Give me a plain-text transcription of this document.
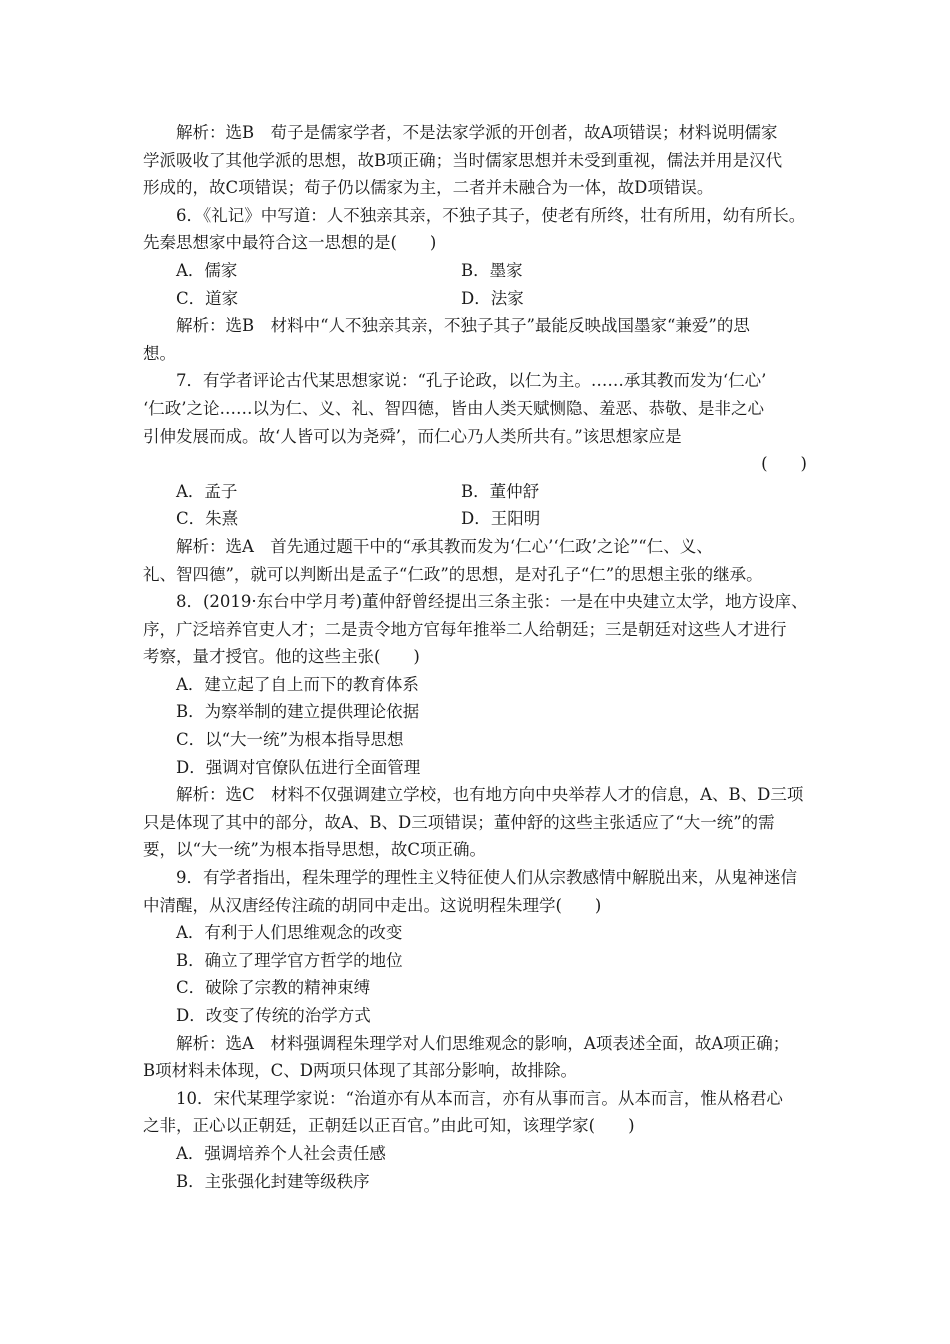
解析：选B　荀子是儒家学者，不是法家学派的开创者，故A项错误；材料说明儒家
学派吸收了其他学派的思想，故B项正确；当时儒家思想并未受到重视，儒法并用是汉代
形成的，故C项错误；荀子仍以儒家为主，二者并未融合为一体，故D项错误。
6．《礼记》中写道：人不独亲其亲，不独子其子，使老有所终，壮有所用，幼有所长。
先秦思想家中最符合这一思想的是(　　)
A．儒家	B．墨家
C．道家	D．法家
解析：选B　材料中“人不独亲其亲，不独子其子”最能反映战国墨家“兼爱”的思
想。
7．有学者评论古代某思想家说：“孔子论政，以仁为主。……承其教而发为‘仁心’
‘仁政’之论……以为仁、义、礼、智四德，皆由人类天赋恻隐、羞恶、恭敬、是非之心
引伸发展而成。故‘人皆可以为尧舜’，而仁心乃人类所共有。”该思想家应是
(　　)
A．孟子	B．董仲舒
C．朱熹	D．王阳明
解析：选A　首先通过题干中的“承其教而发为‘仁心’‘仁政’之论”“仁、义、
礼、智四德”，就可以判断出是孟子“仁政”的思想，是对孔子“仁”的思想主张的继承。
8．(2019·东台中学月考)董仲舒曾经提出三条主张：一是在中央建立太学，地方设庠、
序，广泛培养官吏人才；二是责令地方官每年推举二人给朝廷；三是朝廷对这些人才进行
考察，量才授官。他的这些主张(　　)
A．建立起了自上而下的教育体系
B．为察举制的建立提供理论依据
C．以“大一统”为根本指导思想
D．强调对官僚队伍进行全面管理
解析：选C　材料不仅强调建立学校，也有地方向中央举荐人才的信息，A、B、D三项
只是体现了其中的部分，故A、B、D三项错误；董仲舒的这些主张适应了“大一统”的需
要，以“大一统”为根本指导思想，故C项正确。
9．有学者指出，程朱理学的理性主义特征使人们从宗教感情中解脱出来，从鬼神迷信
中清醒，从汉唐经传注疏的胡同中走出。这说明程朱理学(　　)
A．有利于人们思维观念的改变
B．确立了理学官方哲学的地位
C．破除了宗教的精神束缚
D．改变了传统的治学方式
解析：选A　材料强调程朱理学对人们思维观念的影响，A项表述全面，故A项正确；
B项材料未体现，C、D两项只体现了其部分影响，故排除。
10．宋代某理学家说：“治道亦有从本而言，亦有从事而言。从本而言，惟从格君心
之非，正心以正朝廷，正朝廷以正百官。”由此可知，该理学家(　　)
A．强调培养个人社会责任感
B．主张强化封建等级秩序
